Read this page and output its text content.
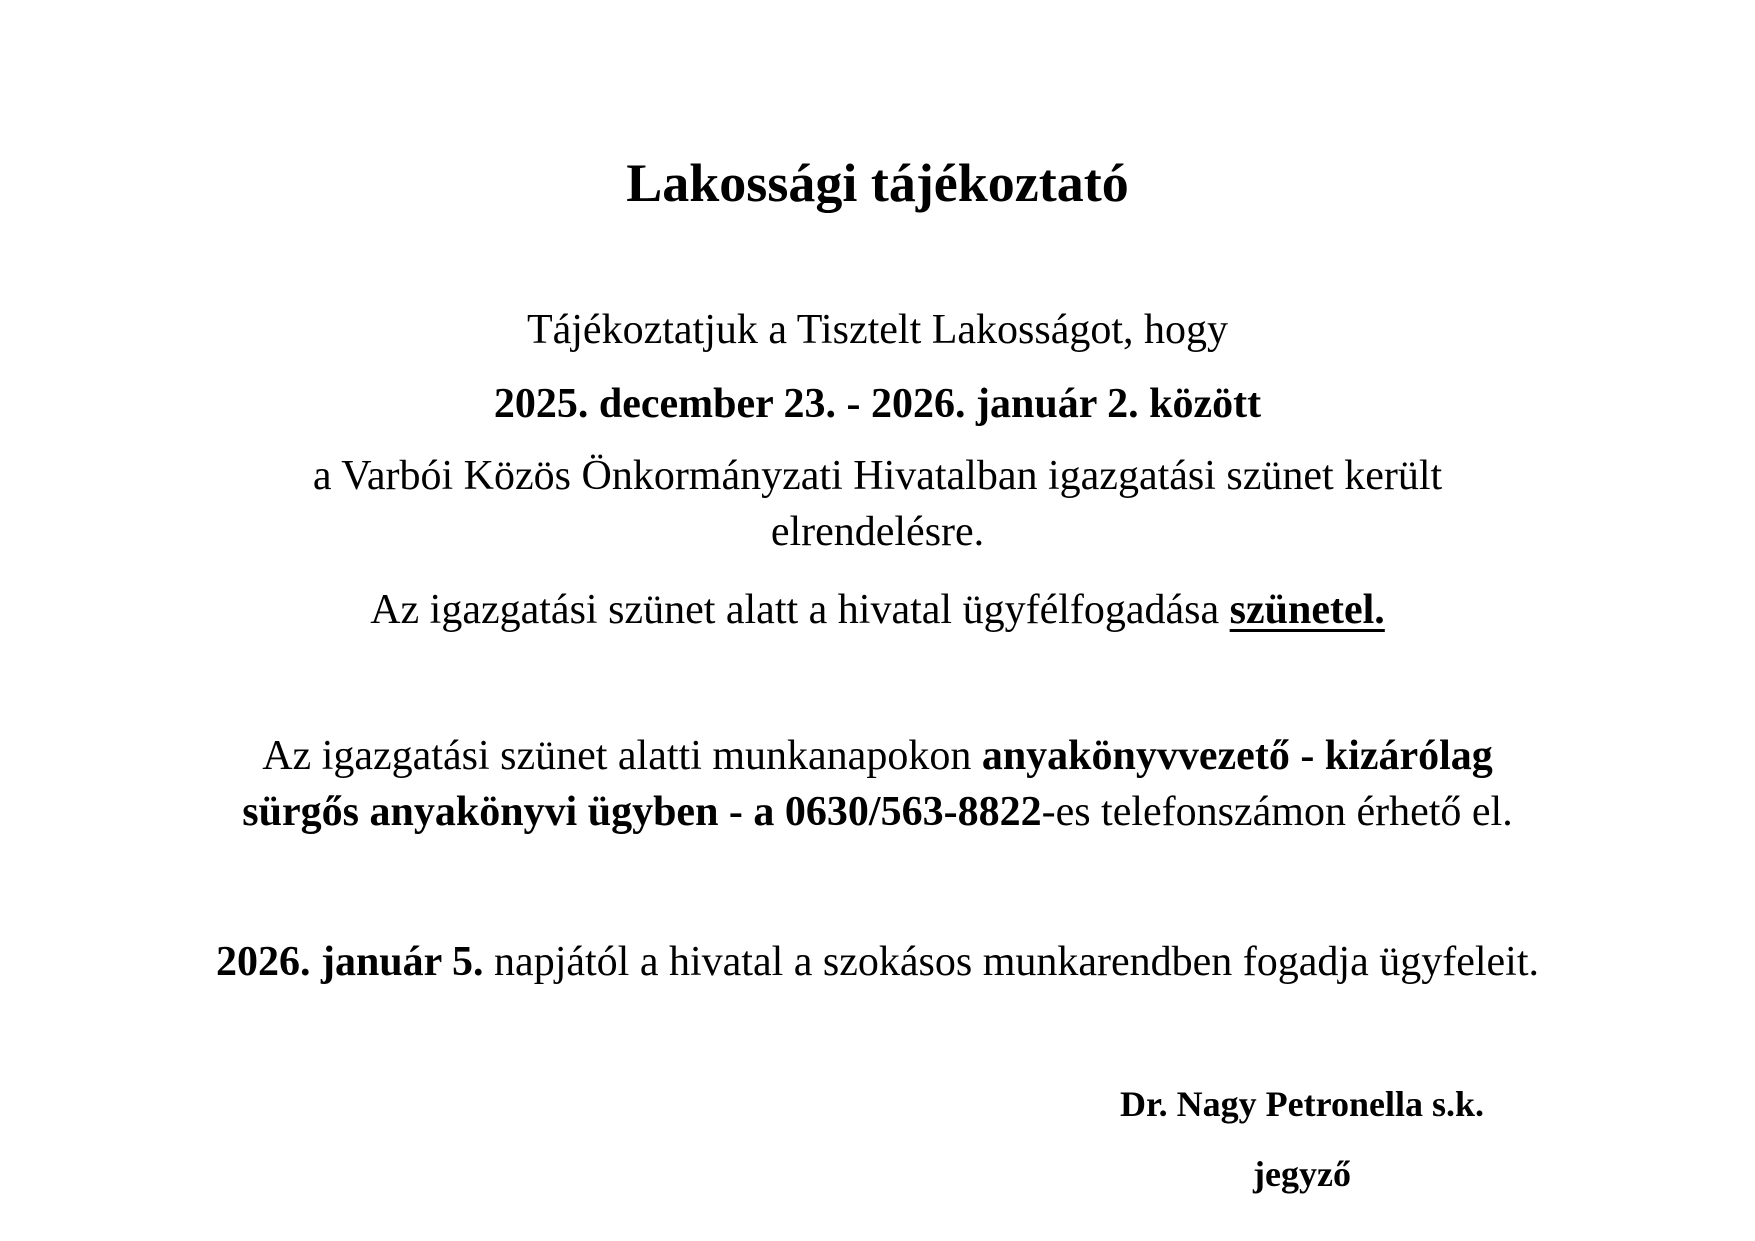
Lakossági tájékoztató
Tájékoztatjuk a Tisztelt Lakosságot, hogy
2025. december 23. - 2026. január 2. között
a Varbói Közös Önkormányzati Hivatalban igazgatási szünet került
elrendelésre.
Az igazgatási szünet alatt a hivatal ügyfélfogadása szünetel.
Az igazgatási szünet alatti munkanapokon anyakönyvvezető - kizárólag
sürgős anyakönyvi ügyben - a 0630/563-8822-es telefonszámon érhető el.
2026. január 5. napjától a hivatal a szokásos munkarendben fogadja ügyfeleit.
Dr. Nagy Petronella s.k.
jegyző
